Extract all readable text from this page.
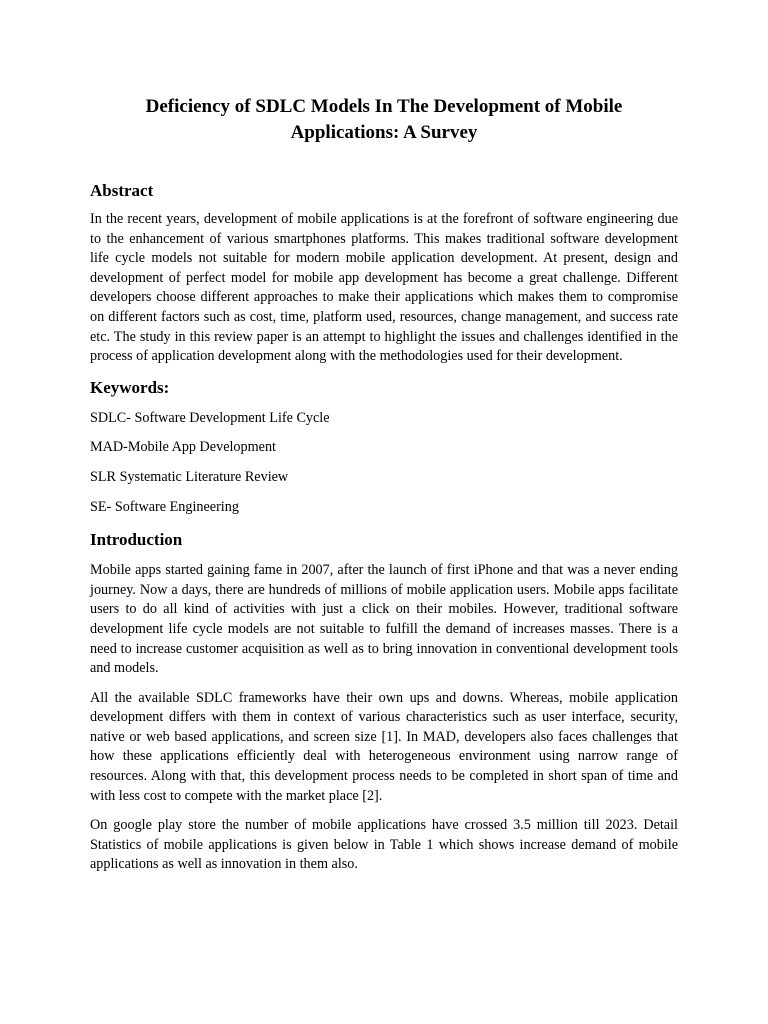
Deficiency of SDLC Models In The Development of Mobile
Applications: A Survey
Abstract

In the recent years, development of mobile applications is at the forefront of software engineering due to the enhancement of various smartphones platforms. This makes traditional software development life cycle models not suitable for modern mobile application development. At present, design and development of perfect model for mobile app development has become a great challenge. Different developers choose different approaches to make their applications which makes them to compromise on different factors such as cost, time, platform used, resources, change management, and success rate etc. The study in this review paper is an attempt to highlight the issues and challenges identified in the process of application development along with the methodologies used for their development.

Keywords:
SDLC- Software Development Life Cycle
MAD-Mobile App Development
SLR Systematic Literature Review
SE- Software Engineering
Introduction

Mobile apps started gaining fame in 2007, after the launch of first iPhone and that was a never ending journey. Now a days, there are hundreds of millions of mobile application users. Mobile apps facilitate users to do all kind of activities with just a click on their mobiles. However, traditional software development life cycle models are not suitable to fulfill the demand of increases masses. There is a need to increase customer acquisition as well as to bring innovation in conventional development tools and models.

All the available SDLC frameworks have their own ups and downs. Whereas, mobile application development differs with them in context of various characteristics such as user interface, security, native or web based applications, and screen size [1]. In MAD, developers also faces challenges that how these applications efficiently deal with heterogeneous environment using narrow range of resources. Along with that, this development process needs to be completed in short span of time and with less cost to compete with the market place [2].

On google play store the number of mobile applications have crossed 3.5 million till 2023. Detail Statistics of mobile applications is given below in Table 1 which shows increase demand of mobile applications as well as innovation in them also.
